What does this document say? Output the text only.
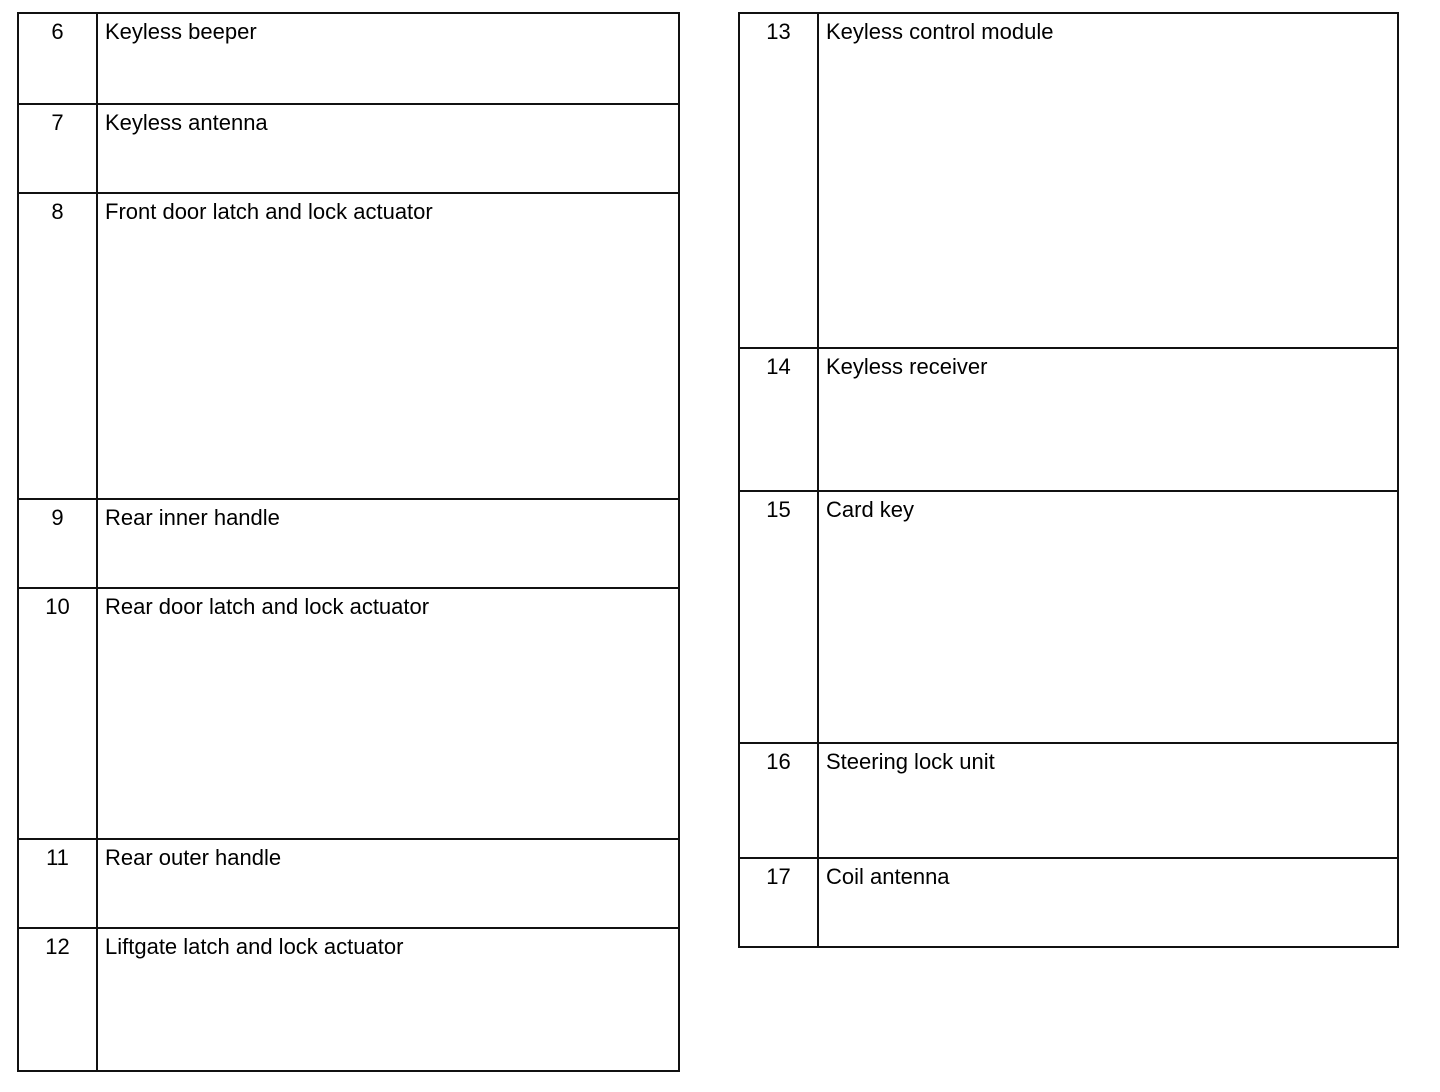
6	Keyless beeper
7	Keyless antenna
8	Front door latch and lock actuator
9	Rear inner handle
10	Rear door latch and lock actuator
11	Rear outer handle
12	Liftgate latch and lock actuator
13	Keyless control module
14	Keyless receiver
15	Card key
16	Steering lock unit
17	Coil antenna
